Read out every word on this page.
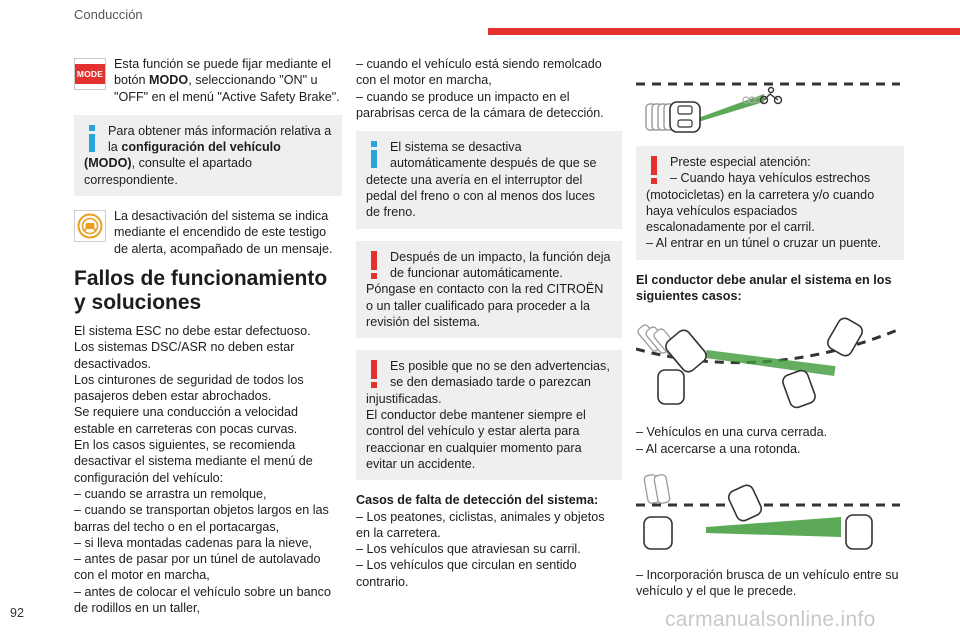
Conducción
MODE

Esta función se puede fijar mediante el botón MODO, seleccionando "ON" u "OFF" en el menú "Active Safety Brake".

Para obtener más información relativa a la configuración del vehículo (MODO), consulte el apartado correspondiente.

La desactivación del sistema se indica mediante el encendido de este testigo de alerta, acompañado de un mensaje.

Fallos de funcionamiento y soluciones

El sistema ESC no debe estar defectuoso.

Los sistemas DSC/ASR no deben estar desactivados.

Los cinturones de seguridad de todos los pasajeros deben estar abrochados.

Se requiere una conducción a velocidad estable en carreteras con pocas curvas.

En los casos siguientes, se recomienda desactivar el sistema mediante el menú de configuración del vehículo:

– cuando se arrastra un remolque,

– cuando se transportan objetos largos en las barras del techo o en el portacargas,

– si lleva montadas cadenas para la nieve,

– antes de pasar por un túnel de autolavado con el motor en marcha,

– antes de colocar el vehículo sobre un banco de rodillos en un taller,

– cuando el vehículo está siendo remolcado con el motor en marcha,

– cuando se produce un impacto en el parabrisas cerca de la cámara de detección.

El sistema se desactiva automáticamente después de que se detecte una avería en el interruptor del pedal del freno o con al menos dos luces de freno.

Después de un impacto, la función deja de funcionar automáticamente. Póngase en contacto con la red CITROËN o un taller cualificado para proceder a la revisión del sistema.

Es posible que no se den advertencias, se den demasiado tarde o parezcan injustificadas.

El conductor debe mantener siempre el control del vehículo y estar alerta para reaccionar en cualquier momento para evitar un accidente.

Casos de falta de detección del sistema:

– Los peatones, ciclistas, animales y objetos en la carretera.

– Los vehículos que atraviesan su carril.

– Los vehículos que circulan en sentido contrario.

Preste especial atención:

– Cuando haya vehículos estrechos (motocicletas) en la carretera y/o cuando haya vehículos espaciados escalonadamente por el carril.

– Al entrar en un túnel o cruzar un puente.

El conductor debe anular el sistema en los siguientes casos:

– Vehículos en una curva cerrada.

– Al acercarse a una rotonda.

– Incorporación brusca de un vehículo entre su vehículo y el que le precede.

92	carmanualsonline.info
